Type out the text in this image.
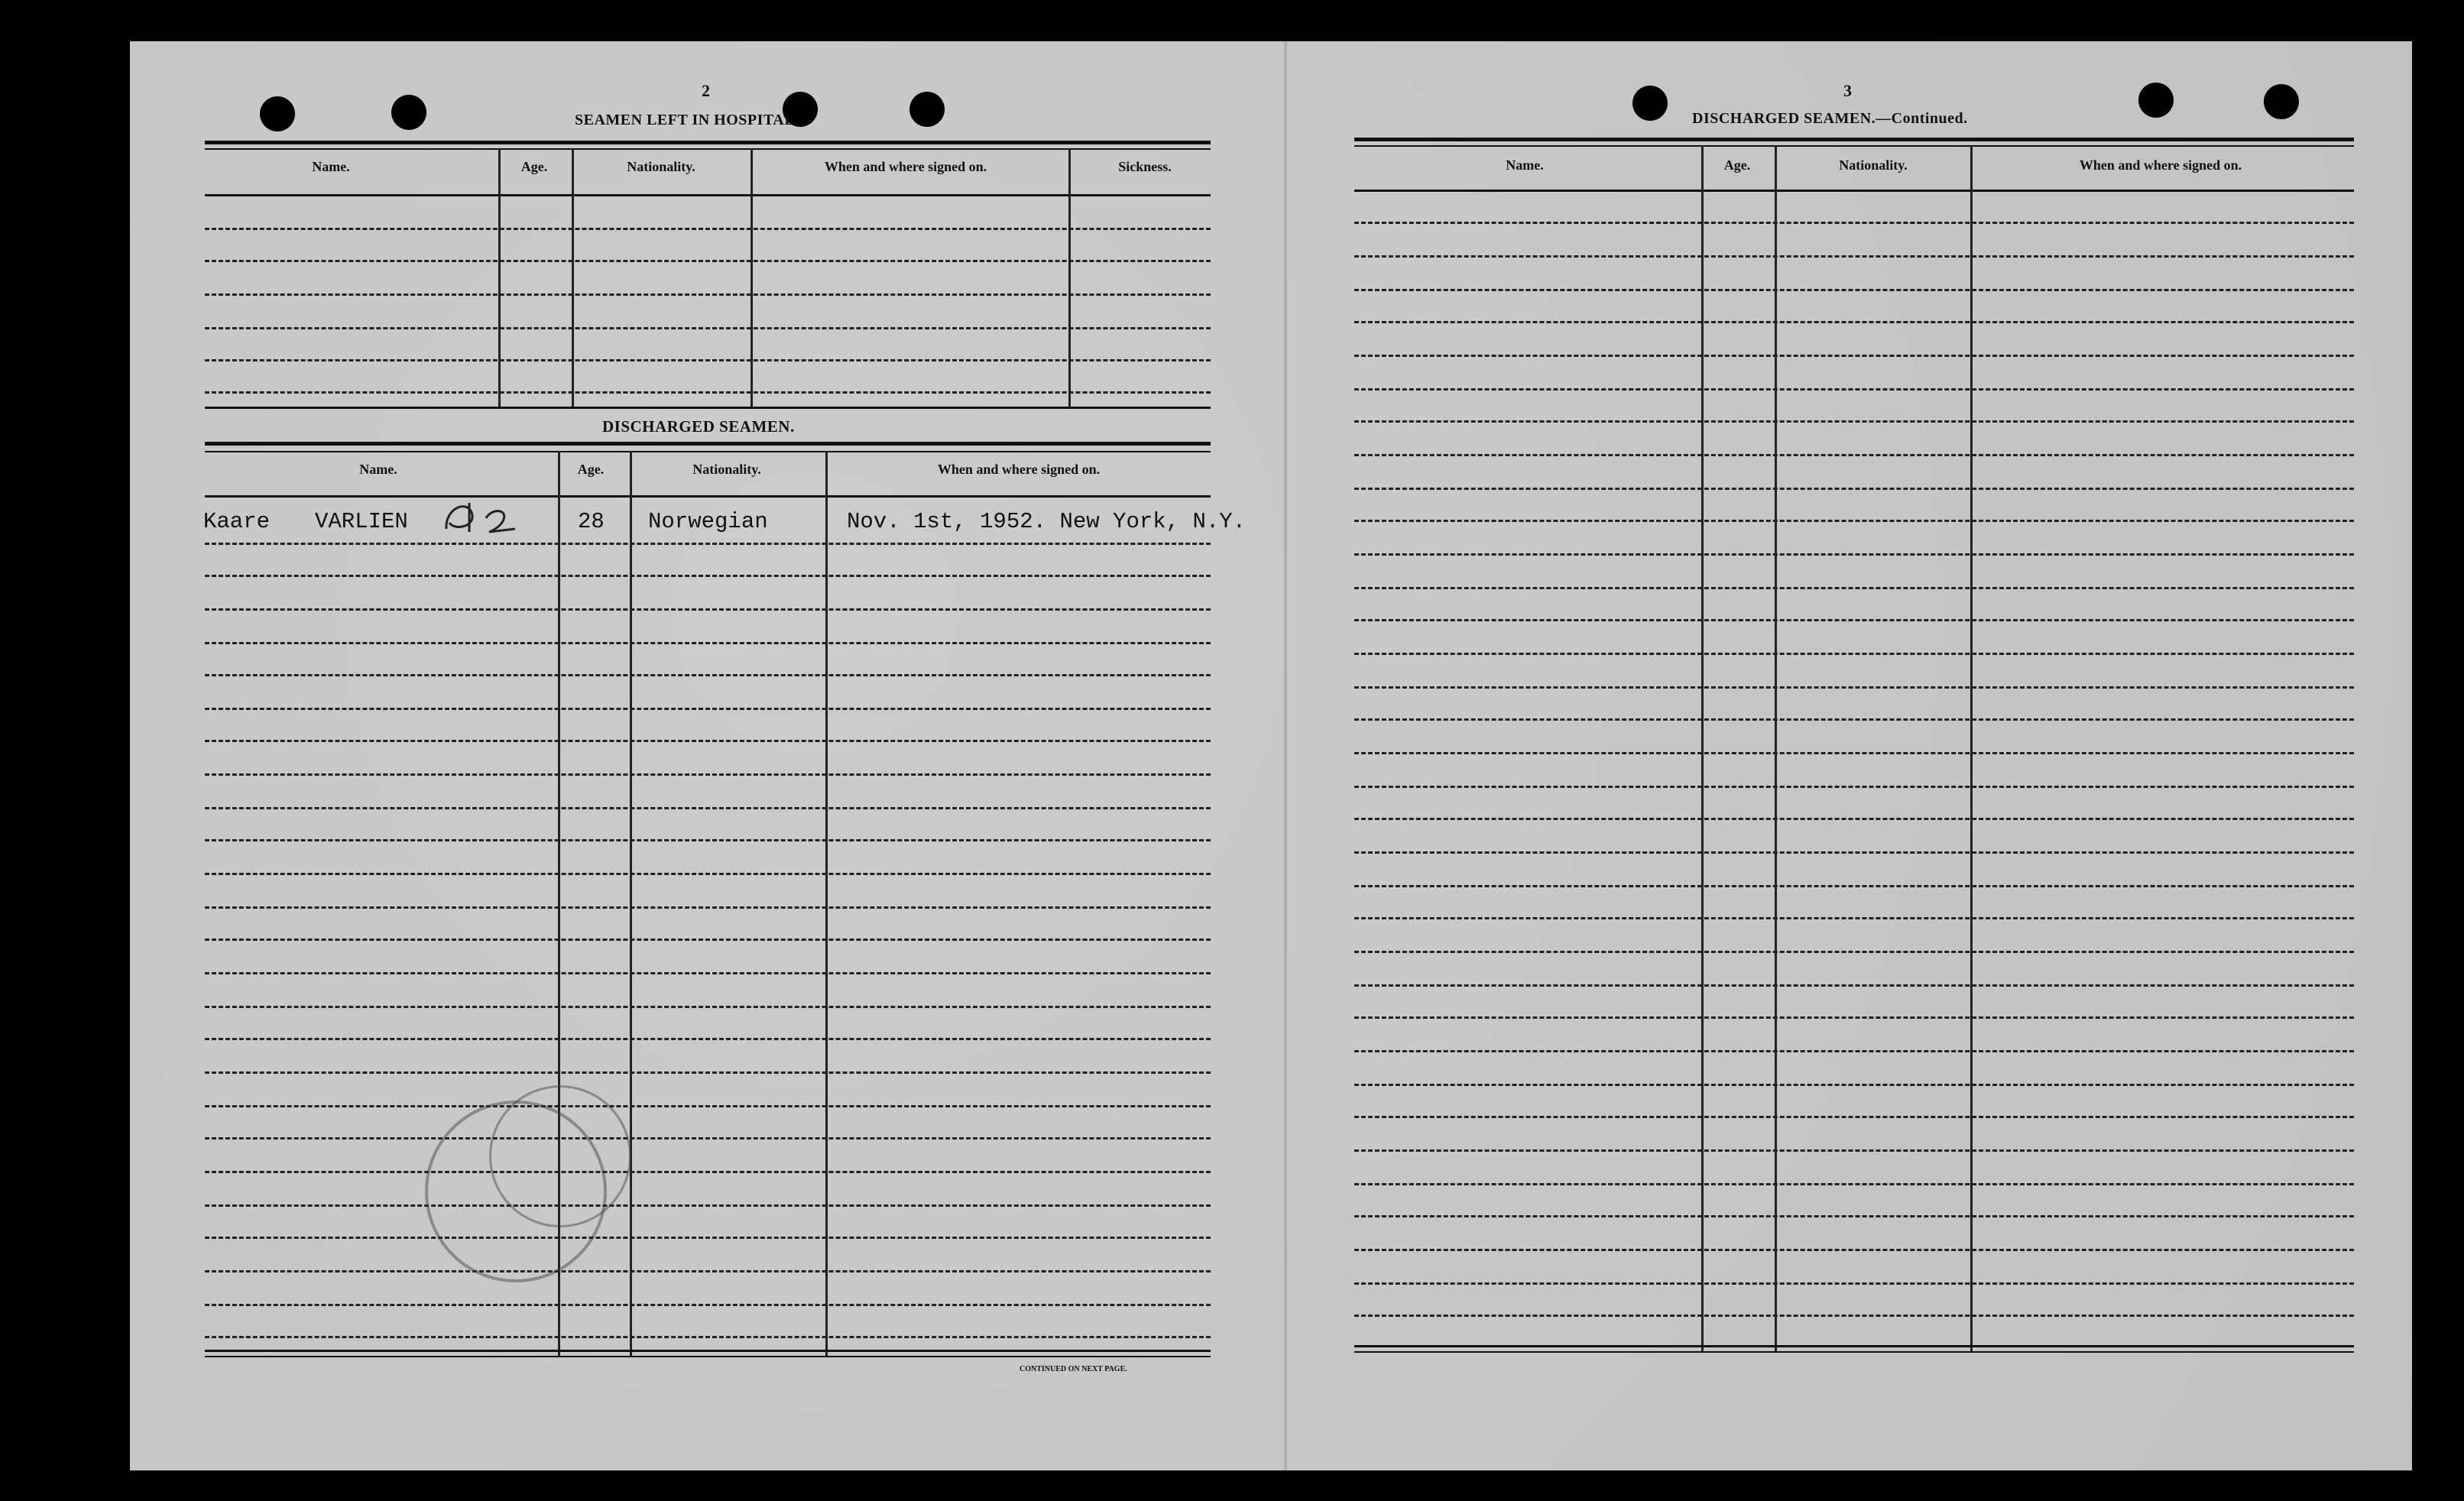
2
SEAMEN LEFT IN HOSPITAL.
Name.	Age.	Nationality.	When and where signed on.	Sickness.
DISCHARGED SEAMEN.
Name.	Age.	Nationality.	When and where signed on.
Kaare VARLIEN	28 Norwegian	Nov. 1st, 1952. New York, N.Y.
CONTINUED ON NEXT PAGE.
3
DISCHARGED SEAMEN.—Continued.
Name.	Age.	Nationality.	When and where signed on.
